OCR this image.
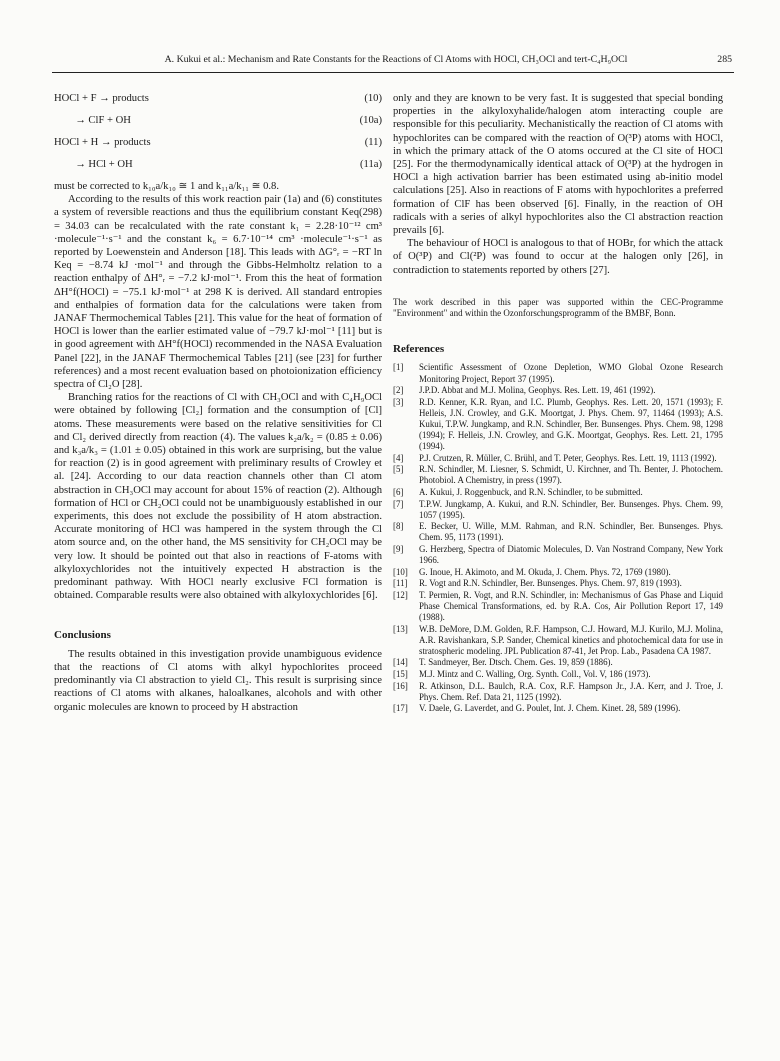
A. Kukui et al.: Mechanism and Rate Constants for the Reactions of Cl Atoms with HOCl, CH₃OCl and tert-C₄H₉OCl	285
HOCl + F → products	(10)
→ ClF + OH	(10a)
HOCl + H → products	(11)
→ HCl + OH	(11a)

must be corrected to k₁₀a/k₁₀ ≅ 1 and k₁₁a/k₁₁ ≅ 0.8.

According to the results of this work reaction pair (1a) and (6) constitutes a system of reversible reactions and thus the equilibrium constant Keq(298) = 34.03 can be recalculated with the rate constant k₁ = 2.28·10⁻¹² cm³ ·molecule⁻¹·s⁻¹ and the constant k₆ = 6.7·10⁻¹⁴ cm³ ·molecule⁻¹·s⁻¹ as reported by Loewenstein and Anderson [18]. This leads with ΔG°ᵣ = −RT ln Keq = −8.74 kJ ·mol⁻¹ and through the Gibbs-Helmholtz relation to a reaction enthalpy of ΔH°ᵣ = −7.2 kJ·mol⁻¹. From this the heat of formation ΔH°f(HOCl) = −75.1 kJ·mol⁻¹ at 298 K is derived. All standard entropies and enthalpies of formation data for the calculations were taken from JANAF Thermochemical Tables [21]. This value for the heat of formation of HOCl is lower than the earlier estimated value of −79.7 kJ·mol⁻¹ [11] but is in good agreement with ΔH°f(HOCl) recommended in the NASA Evaluation Panel [22], in the JANAF Thermochemical Tables [21] (see [23] for further references) and a most recent evaluation based on photoionization efficiency spectra of Cl₂O [28].

Branching ratios for the reactions of Cl with CH₃OCl and with C₄H₉OCl were obtained by following [Cl₂] formation and the consumption of [Cl] atoms. These measurements were based on the relative sensitivities for Cl and Cl₂ derived directly from reaction (4). The values k₂a/k₂ = (0.85 ± 0.06) and k₃a/k₃ = (1.01 ± 0.05) obtained in this work are surprising, but the value for reaction (2) is in good agreement with preliminary results of Crowley et al. [24]. According to our data reaction channels other than Cl atom abstraction in CH₃OCl may account for about 15% of reaction (2). Although formation of HCl or CH₂OCl could not be unambiguously established in our experiments, this does not exclude the possibility of H atom abstraction. Accurate monitoring of HCl was hampered in the system through the Cl atom source and, on the other hand, the MS sensitivity for CH₂OCl may be very low. It should be pointed out that also in reactions of F-atoms with alkyloxychlorides not the intuitively expected H abstraction is the predominant pathway. With HOCl nearly exclusive FCl formation is obtained. Comparable results were also obtained with alkyloxychlorides [6].

Conclusions

The results obtained in this investigation provide unambiguous evidence that the reactions of Cl atoms with alkyl hypochlorites proceed predominantly via Cl abstraction to yield Cl₂. This result is surprising since reactions of Cl atoms with alkanes, haloalkanes, alcohols and with other organic molecules are known to proceed by H abstraction

only and they are known to be very fast. It is suggested that special bonding properties in the alkyloxyhalide/halogen atom interacting couple are responsible for this peculiarity. Mechanistically the reaction of Cl atoms with hypochlorites can be compared with the reaction of O(³P) atoms with HOCl, in which the primary attack of the O atoms occured at the Cl site of HOCl [25]. For the thermodynamically identical attack of O(³P) at the hydrogen in HOCl a high activation barrier has been estimated using ab-initio model calculations [25]. Also in reactions of F atoms with hypochlorites a preferred formation of ClF has been observed [6]. Finally, in the reaction of OH radicals with a series of alkyl hypochlorites also the Cl abstraction reaction prevails [6].

The behaviour of HOCl is analogous to that of HOBr, for which the attack of O(³P) and Cl(²P) was found to occur at the halogen only [26], in contradiction to statements reported by others [27].

The work described in this paper was supported within the CEC-Programme "Environment" and within the Ozonforschungsprogramm of the BMBF, Bonn.

References
[1]	Scientific Assessment of Ozone Depletion, WMO Global Ozone Research Monitoring Project, Report 37 (1995).
[2]	J.P.D. Abbat and M.J. Molina, Geophys. Res. Lett. 19, 461 (1992).
[3]	R.D. Kenner, K.R. Ryan, and I.C. Plumb, Geophys. Res. Lett. 20, 1571 (1993); F. Helleis, J.N. Crowley, and G.K. Moortgat, J. Phys. Chem. 97, 11464 (1993); A.S. Kukui, T.P.W. Jungkamp, and R.N. Schindler, Ber. Bunsenges. Phys. Chem. 98, 1298 (1994); F. Helleis, J.N. Crowley, and G.K. Moortgat, Geophys. Res. Lett. 21, 1795 (1994).
[4]	P.J. Crutzen, R. Müller, C. Brühl, and T. Peter, Geophys. Res. Lett. 19, 1113 (1992).
[5]	R.N. Schindler, M. Liesner, S. Schmidt, U. Kirchner, and Th. Benter, J. Photochem. Photobiol. A Chemistry, in press (1997).
[6]	A. Kukui, J. Roggenbuck, and R.N. Schindler, to be submitted.
[7]	T.P.W. Jungkamp, A. Kukui, and R.N. Schindler, Ber. Bunsenges. Phys. Chem. 99, 1057 (1995).
[8]	E. Becker, U. Wille, M.M. Rahman, and R.N. Schindler, Ber. Bunsenges. Phys. Chem. 95, 1173 (1991).
[9]	G. Herzberg, Spectra of Diatomic Molecules, D. Van Nostrand Company, New York 1966.
[10]	G. Inoue, H. Akimoto, and M. Okuda, J. Chem. Phys. 72, 1769 (1980).
[11]	R. Vogt and R.N. Schindler, Ber. Bunsenges. Phys. Chem. 97, 819 (1993).
[12]	T. Permien, R. Vogt, and R.N. Schindler, in: Mechanismus of Gas Phase and Liquid Phase Chemical Transformations, ed. by R.A. Cos, Air Pollution Report 17, 149 (1988).
[13]	W.B. DeMore, D.M. Golden, R.F. Hampson, C.J. Howard, M.J. Kurilo, M.J. Molina, A.R. Ravishankara, S.P. Sander, Chemical kinetics and photochemical data for use in stratospheric modeling. JPL Publication 87-41, Jet Prop. Lab., Pasadena CA 1987.
[14]	T. Sandmeyer, Ber. Dtsch. Chem. Ges. 19, 859 (1886).
[15]	M.J. Mintz and C. Walling, Org. Synth. Coll., Vol. V, 186 (1973).
[16]	R. Atkinson, D.L. Baulch, R.A. Cox, R.F. Hampson Jr., J.A. Kerr, and J. Troe, J. Phys. Chem. Ref. Data 21, 1125 (1992).
[17]	V. Daele, G. Laverdet, and G. Poulet, Int. J. Chem. Kinet. 28, 589 (1996).
